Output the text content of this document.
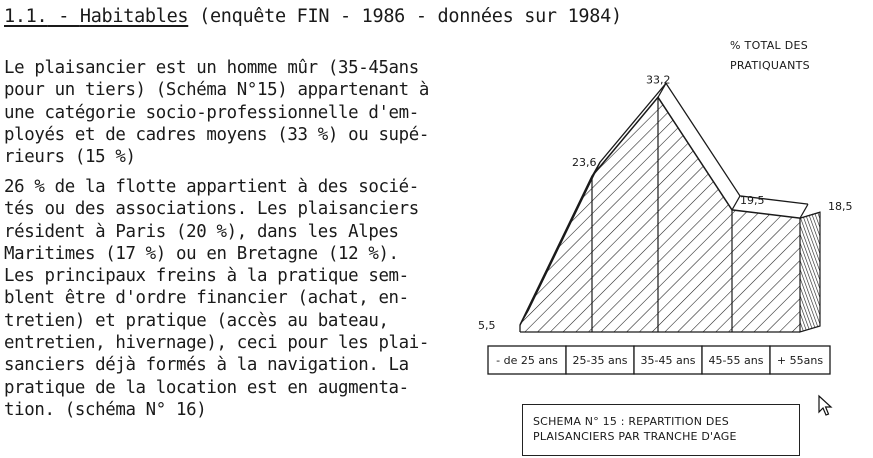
1.1. - Habitables (enquête FIN - 1986 - données sur 1984)
Le plaisancier est un homme mûr (35-45ans
pour un tiers) (Schéma N°15) appartenant à
une catégorie socio-professionnelle d'em-
ployés et de cadres moyens (33 %) ou supé-
rieurs (15 %)
26 % de la flotte appartient à des socié-
tés ou des associations. Les plaisanciers
résident à Paris (20 %), dans les Alpes
Maritimes (17 %) ou en Bretagne (12 %).
Les principaux freins à la pratique sem-
blent être d'ordre financier (achat, en-
tretien) et pratique (accès au bateau,
entretien, hivernage), ceci pour les plai-
sanciers déjà formés à la navigation. La
pratique de la location est en augmenta-
tion. (schéma N° 16)
5,5
23,6
33,2
19,5	18,5
- de 25 ans 25-35 ans 35-45 ans 45-55 ans + 55ans
% TOTAL DES
PRATIQUANTS
SCHEMA N° 15 : REPARTITION DES
PLAISANCIERS PAR TRANCHE D'AGE
